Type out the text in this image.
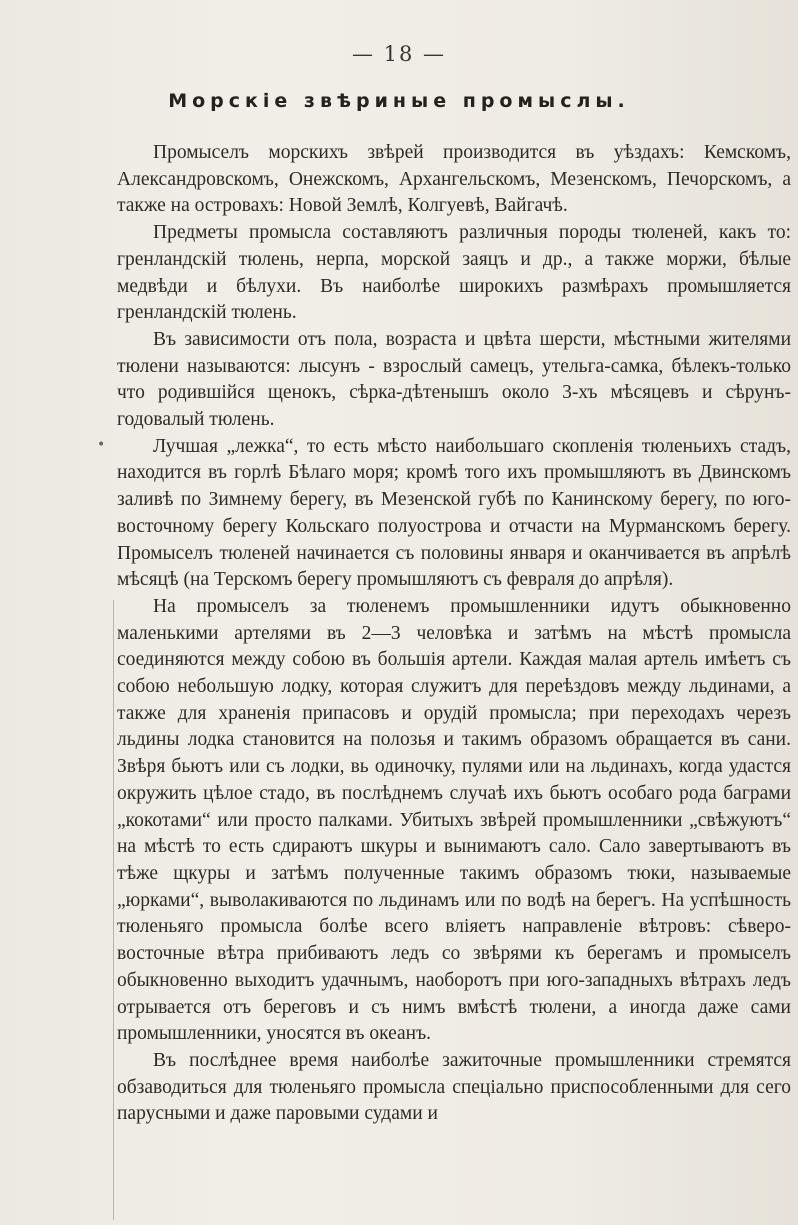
— 18 —
Морскіе звѣриные промыслы.
•

Промыселъ морскихъ звѣрей производится въ уѣздахъ: Кемскомъ, Александровскомъ, Онежскомъ, Архангельскомъ, Мезенскомъ, Печорскомъ, а также на островахъ: Новой Землѣ, Колгуевѣ, Вайгачѣ.

Предметы промысла составляютъ различныя породы тюленей, какъ то: гренландскій тюлень, нерпа, морской заяцъ и др., а также моржи, бѣлые медвѣди и бѣлухи. Въ наиболѣе широкихъ размѣрахъ промышляется гренландскій тюлень.

Въ зависимости отъ пола, возраста и цвѣта шерсти, мѣстными жителями тюлени называются: лысунъ - взрослый самецъ, утельга-самка, бѣлекъ-только что родившійся щенокъ, сѣрка-дѣтенышъ около 3-хъ мѣсяцевъ и сѣрунъ-годовалый тюлень.

Лучшая „лежка“, то есть мѣсто наибольшаго скопленія тюленьихъ стадъ, находится въ горлѣ Бѣлаго моря; кромѣ того ихъ промышляютъ въ Двинскомъ заливѣ по Зимнему берегу, въ Мезенской губѣ по Канинскому берегу, по юго-восточному берегу Кольскаго полуострова и отчасти на Мурманскомъ берегу. Промыселъ тюленей начинается съ половины января и оканчивается въ апрѣлѣ мѣсяцѣ (на Терскомъ берегу промышляютъ съ февраля до апрѣля).

На промыселъ за тюленемъ промышленники идутъ обыкновенно маленькими артелями въ 2—3 человѣка и затѣмъ на мѣстѣ промысла соединяются между собою въ большія артели. Каждая малая артель имѣетъ съ собою небольшую лодку, которая служитъ для переѣздовъ между льдинами, а также для храненія припасовъ и орудій промысла; при переходахъ черезъ льдины лодка становится на полозья и такимъ образомъ обращается въ сани. Звѣря бьютъ или съ лодки, вь одиночку, пулями или на льдинахъ, когда удастся окружить цѣлое стадо, въ послѣднемъ случаѣ ихъ бьютъ особаго рода баграми „кокотами“ или просто палками. Убитыхъ звѣрей промышленники „свѣжуютъ“ на мѣстѣ то есть сдираютъ шкуры и вынимаютъ сало. Сало завертываютъ въ тѣже щкуры и затѣмъ полученные такимъ образомъ тюки, называемые „юрками“, выволакиваются по льдинамъ или по водѣ на берегъ. На успѣшность тюленьяго промысла болѣе всего вліяетъ направленіе вѣтровъ: сѣверо-восточные вѣтра прибиваютъ ледъ со звѣрями къ берегамъ и промыселъ обыкновенно выходитъ удачнымъ, наоборотъ при юго-западныхъ вѣтрахъ ледъ отрывается отъ береговъ и съ нимъ вмѣстѣ тюлени, а иногда даже сами промышленники, уносятся въ океанъ.

Въ послѣднее время наиболѣе зажиточные промышленники стремятся обзаводиться для тюленьяго промысла спеціально приспособленными для сего парусными и даже паровыми судами и
